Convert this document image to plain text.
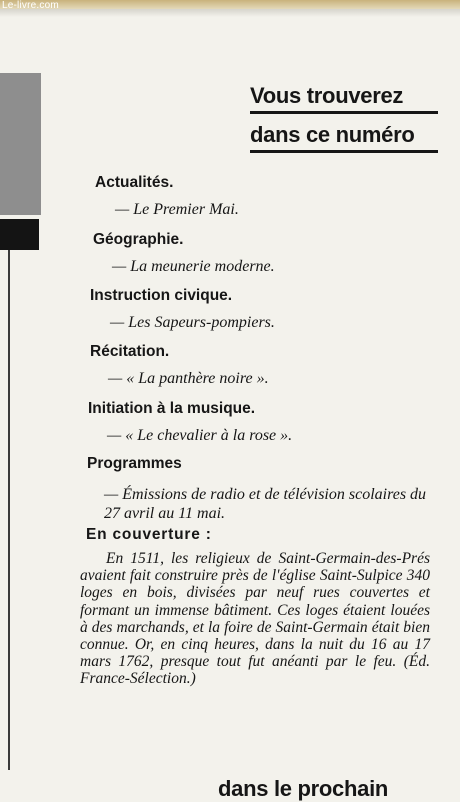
Le-livre.com
Vous trouverez
dans ce numéro
Actualités.
— Le Premier Mai.
Géographie.
— La meunerie moderne.
Instruction civique.
— Les Sapeurs-pompiers.
Récitation.
— « La panthère noire ».
Initiation à la musique.
— « Le chevalier à la rose ».
Programmes
— Émissions de radio et de télévision scolaires du 27 avril au 11 mai.
En couverture :
En 1511, les religieux de Saint-Germain-des-Prés avaient fait construire près de l'église Saint-Sulpice 340 loges en bois, divisées par neuf rues couvertes et formant un immense bâtiment. Ces loges étaient louées à des marchands, et la foire de Saint-Germain était bien connue. Or, en cinq heures, dans la nuit du 16 au 17 mars 1762, presque tout fut anéanti par le feu. (Éd. France-Sélection.)
dans le prochain
